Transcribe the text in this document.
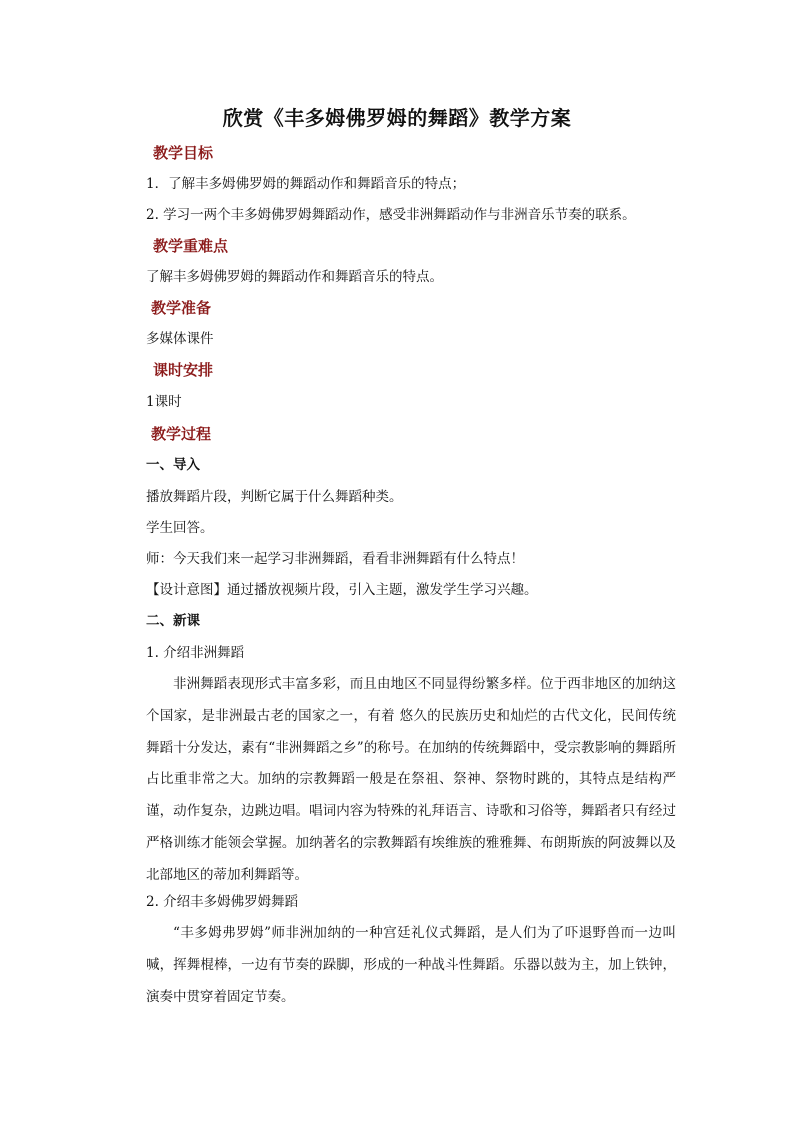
欣赏《丰多姆佛罗姆的舞蹈》教学方案
教学目标
1．了解丰多姆佛罗姆的舞蹈动作和舞蹈音乐的特点；
2. 学习一两个丰多姆佛罗姆舞蹈动作，感受非洲舞蹈动作与非洲音乐节奏的联系。
教学重难点
了解丰多姆佛罗姆的舞蹈动作和舞蹈音乐的特点。
教学准备
多媒体课件
课时安排
1课时
教学过程
一、导入
播放舞蹈片段，判断它属于什么舞蹈种类。
学生回答。
师：今天我们来一起学习非洲舞蹈，看看非洲舞蹈有什么特点！
【设计意图】通过播放视频片段，引入主题，激发学生学习兴趣。
二、新课
1. 介绍非洲舞蹈
非洲舞蹈表现形式丰富多彩，而且由地区不同显得纷繁多样。位于西非地区的加纳这个国家，是非洲最古老的国家之一，有着 悠久的民族历史和灿烂的古代文化，民间传统舞蹈十分发达，素有“非洲舞蹈之乡”的称号。在加纳的传统舞蹈中，受宗教影响的舞蹈所占比重非常之大。加纳的宗教舞蹈一般是在祭祖、祭神、祭物时跳的，其特点是结构严谨，动作复杂，边跳边唱。唱词内容为特殊的礼拜语言、诗歌和习俗等，舞蹈者只有经过严格训练才能领会掌握。加纳著名的宗教舞蹈有埃维族的雅雅舞、布朗斯族的阿波舞以及北部地区的蒂加利舞蹈等。
2. 介绍丰多姆佛罗姆舞蹈
“丰多姆弗罗姆”师非洲加纳的一种宫廷礼仪式舞蹈，是人们为了吓退野兽而一边叫喊，挥舞棍棒，一边有节奏的跺脚，形成的一种战斗性舞蹈。乐器以鼓为主，加上铁钟，演奏中贯穿着固定节奏。
